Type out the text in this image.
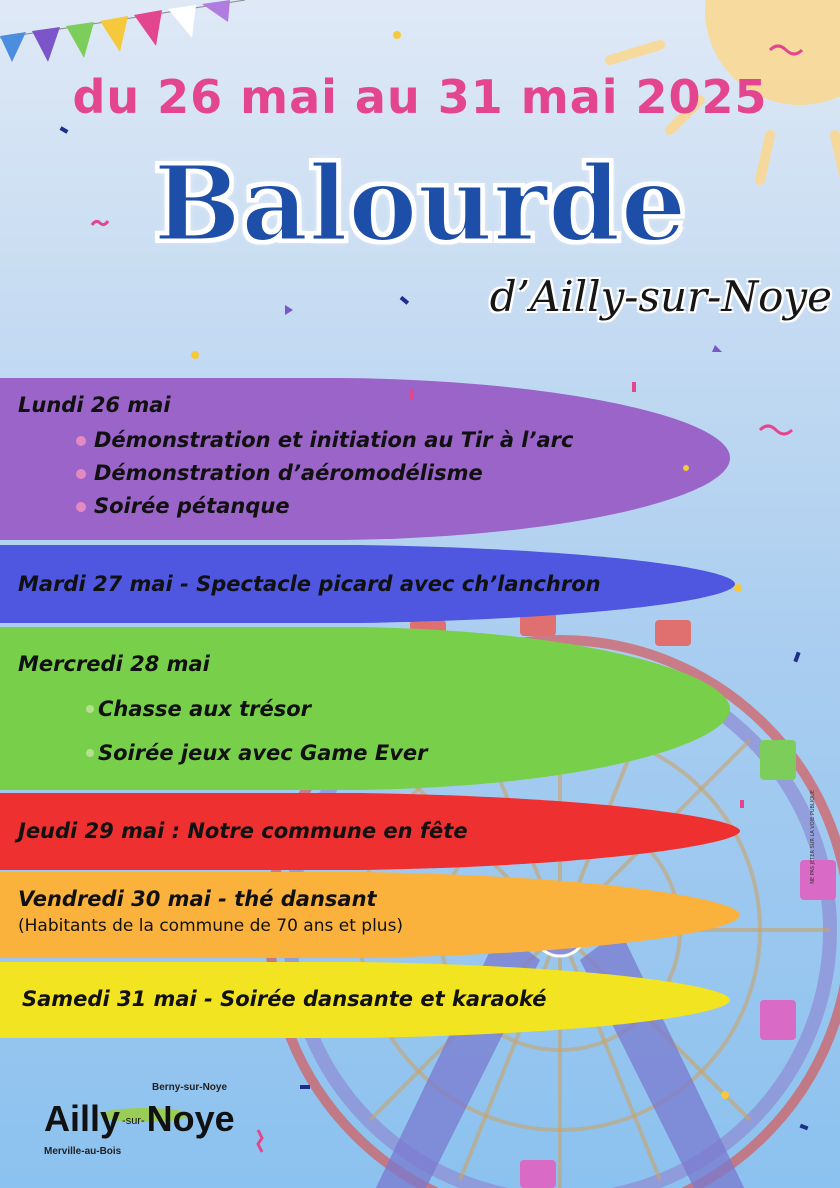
du 26 mai au 31 mai 2025
Balourde
d’Ailly-sur-Noye
Lundi 26 mai
Démonstration et initiation au Tir à l’arc
Démonstration d’aéromodélisme
Soirée pétanque
Mardi 27 mai - Spectacle picard avec ch’lanchron
Mercredi 28 mai
Chasse aux trésor
Soirée jeux avec Game Ever
Jeudi 29 mai : Notre commune en fête
Vendredi 30 mai - thé dansant
(Habitants de la commune de 70 ans et plus)
Samedi 31 mai - Soirée dansante et karaoké
NE PAS JETER SUR LA VOIE PUBLIQUE
Berny-sur-Noye
Ailly -sur-Noye
Merville-au-Bois
